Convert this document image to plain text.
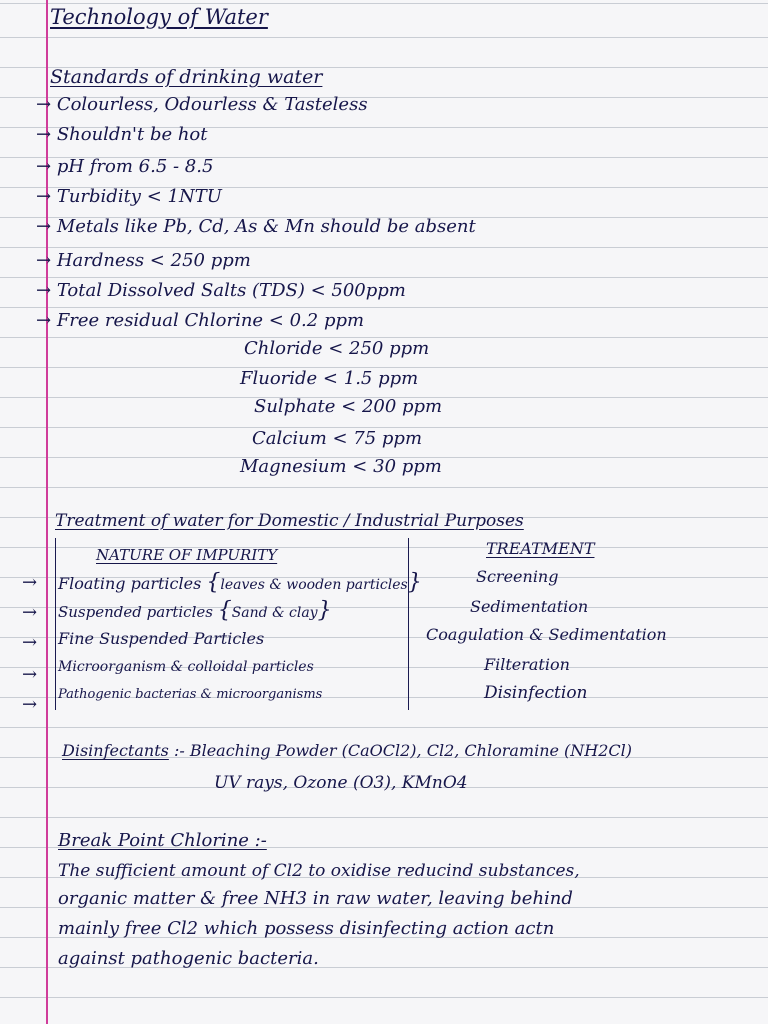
Technology of Water
Standards of drinking water
→ Colourless, Odourless & Tasteless
→ Shouldn't be hot
→ pH from 6.5 - 8.5
→ Turbidity < 1NTU
→ Metals like Pb, Cd, As & Mn should be absent
→ Hardness < 250 ppm
→ Total Dissolved Salts (TDS) < 500ppm
→ Free residual Chlorine < 0.2 ppm
Chloride < 250 ppm
Fluoride < 1.5 ppm
Sulphate < 200 ppm
Calcium < 75 ppm
Magnesium < 30 ppm
Treatment of water for Domestic / Industrial Purposes
NATURE OF IMPURITY	TREATMENT
→ Floating particles {leaves & wooden particles}	Screening
→ Suspended particles {Sand & clay}	Sedimentation
→ Fine Suspended Particles	Coagulation & Sedimentation
→ Microorganism & colloidal particles	Filteration
→ Pathogenic bacterias & microorganisms	Disinfection
Disinfectants :- Bleaching Powder (CaOCl2), Cl2, Chloramine (NH2Cl)
UV rays, Ozone (O3), KMnO4
Break Point Chlorine :-
The sufficient amount of Cl2 to oxidise reducind substances,
organic matter & free NH3 in raw water, leaving behind
mainly free Cl2 which possess disinfecting action actn
against pathogenic bacteria.
